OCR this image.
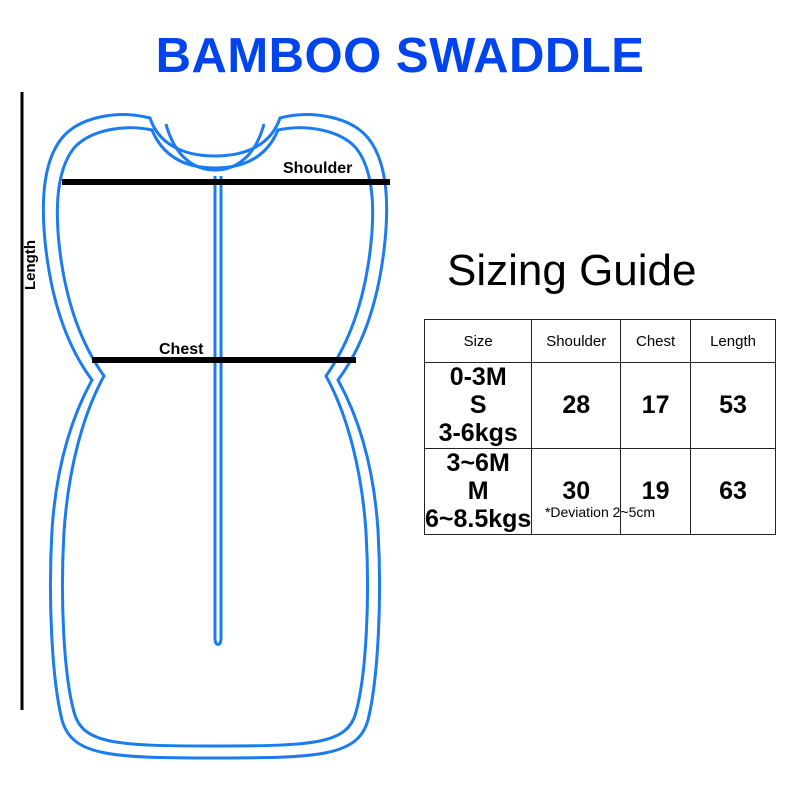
BAMBOO SWADDLE
Shoulder
Chest
Length	Sizing Guide
Size	Shoulder	Chest	Length
0-3M
S
3-6kgs	28	17	53
3~6M
M
6~8.5kgs	30	19	63
*Deviation 2~5cm
